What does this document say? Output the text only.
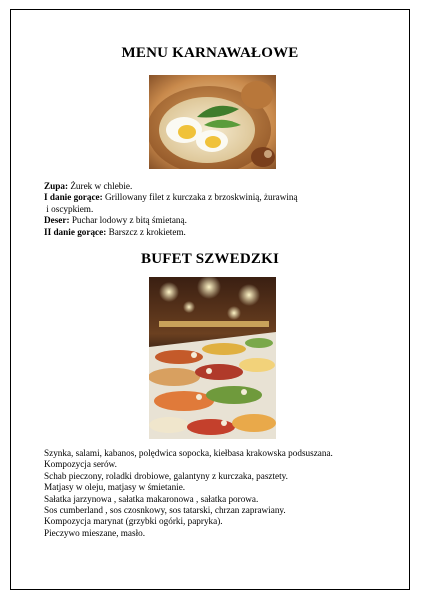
MENU KARNAWAŁOWE
Zupa: Żurek w chlebie.
I danie gorące: Grillowany filet z kurczaka z brzoskwinią, żurawiną
i oscypkiem.
Deser: Puchar lodowy z bitą śmietaną.
II danie gorące: Barszcz z krokietem.
BUFET SZWEDZKI
Szynka, salami, kabanos, polędwica sopocka, kiełbasa krakowska podsuszana.
Kompozycja serów.
Schab pieczony, roladki drobiowe, galantyny z kurczaka, pasztety.
Matjasy w oleju, matjasy w śmietanie.
Sałatka jarzynowa , sałatka makaronowa , sałatka porowa.
Sos cumberland , sos czosnkowy, sos tatarski, chrzan zaprawiany.
Kompozycja marynat (grzybki ogórki, papryka).
Pieczywo mieszane, masło.
